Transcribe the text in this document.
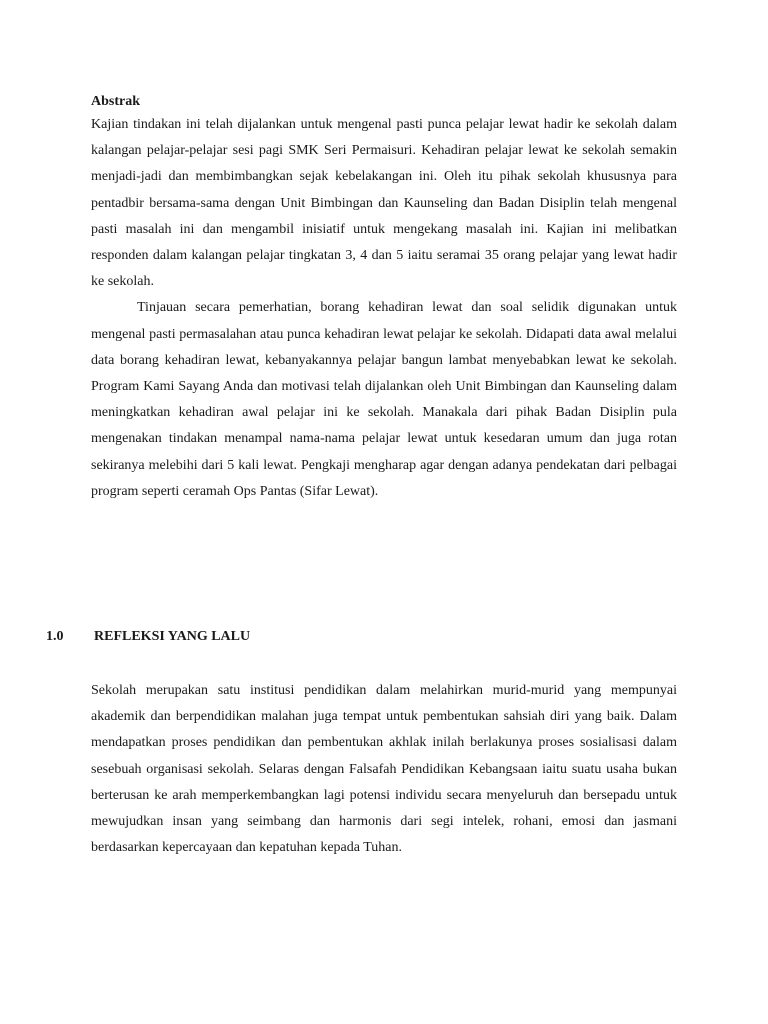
Abstrak

Kajian tindakan ini telah dijalankan untuk mengenal pasti punca pelajar lewat hadir ke sekolah dalam kalangan pelajar-pelajar sesi pagi SMK Seri Permaisuri. Kehadiran pelajar lewat ke sekolah semakin menjadi-jadi dan membimbangkan sejak kebelakangan ini. Oleh itu pihak sekolah khususnya para pentadbir bersama-sama dengan Unit Bimbingan dan Kaunseling dan Badan Disiplin telah mengenal pasti masalah ini dan mengambil inisiatif untuk mengekang masalah ini. Kajian ini melibatkan responden dalam kalangan pelajar tingkatan 3, 4 dan 5 iaitu seramai 35 orang pelajar yang lewat hadir ke sekolah.

Tinjauan secara pemerhatian, borang kehadiran lewat dan soal selidik digunakan untuk mengenal pasti permasalahan atau punca kehadiran lewat pelajar ke sekolah. Didapati data awal melalui data borang kehadiran lewat, kebanyakannya pelajar bangun lambat menyebabkan lewat ke sekolah. Program Kami Sayang Anda dan motivasi telah dijalankan oleh Unit Bimbingan dan Kaunseling dalam meningkatkan kehadiran awal pelajar ini ke sekolah. Manakala dari pihak Badan Disiplin pula mengenakan tindakan menampal nama-nama pelajar lewat untuk kesedaran umum dan juga rotan sekiranya melebihi dari 5 kali lewat. Pengkaji mengharap agar dengan adanya pendekatan dari pelbagai program seperti ceramah Ops Pantas (Sifar Lewat).

1.0	REFLEKSI YANG LALU

Sekolah merupakan satu institusi pendidikan dalam melahirkan murid-murid yang mempunyai akademik dan berpendidikan malahan juga tempat untuk pembentukan sahsiah diri yang baik. Dalam mendapatkan proses pendidikan dan pembentukan akhlak inilah berlakunya proses sosialisasi dalam sesebuah organisasi sekolah. Selaras dengan Falsafah Pendidikan Kebangsaan iaitu suatu usaha bukan berterusan ke arah memperkembangkan lagi potensi individu secara menyeluruh dan bersepadu untuk mewujudkan insan yang seimbang dan harmonis dari segi intelek, rohani, emosi dan jasmani berdasarkan kepercayaan dan kepatuhan kepada Tuhan.
